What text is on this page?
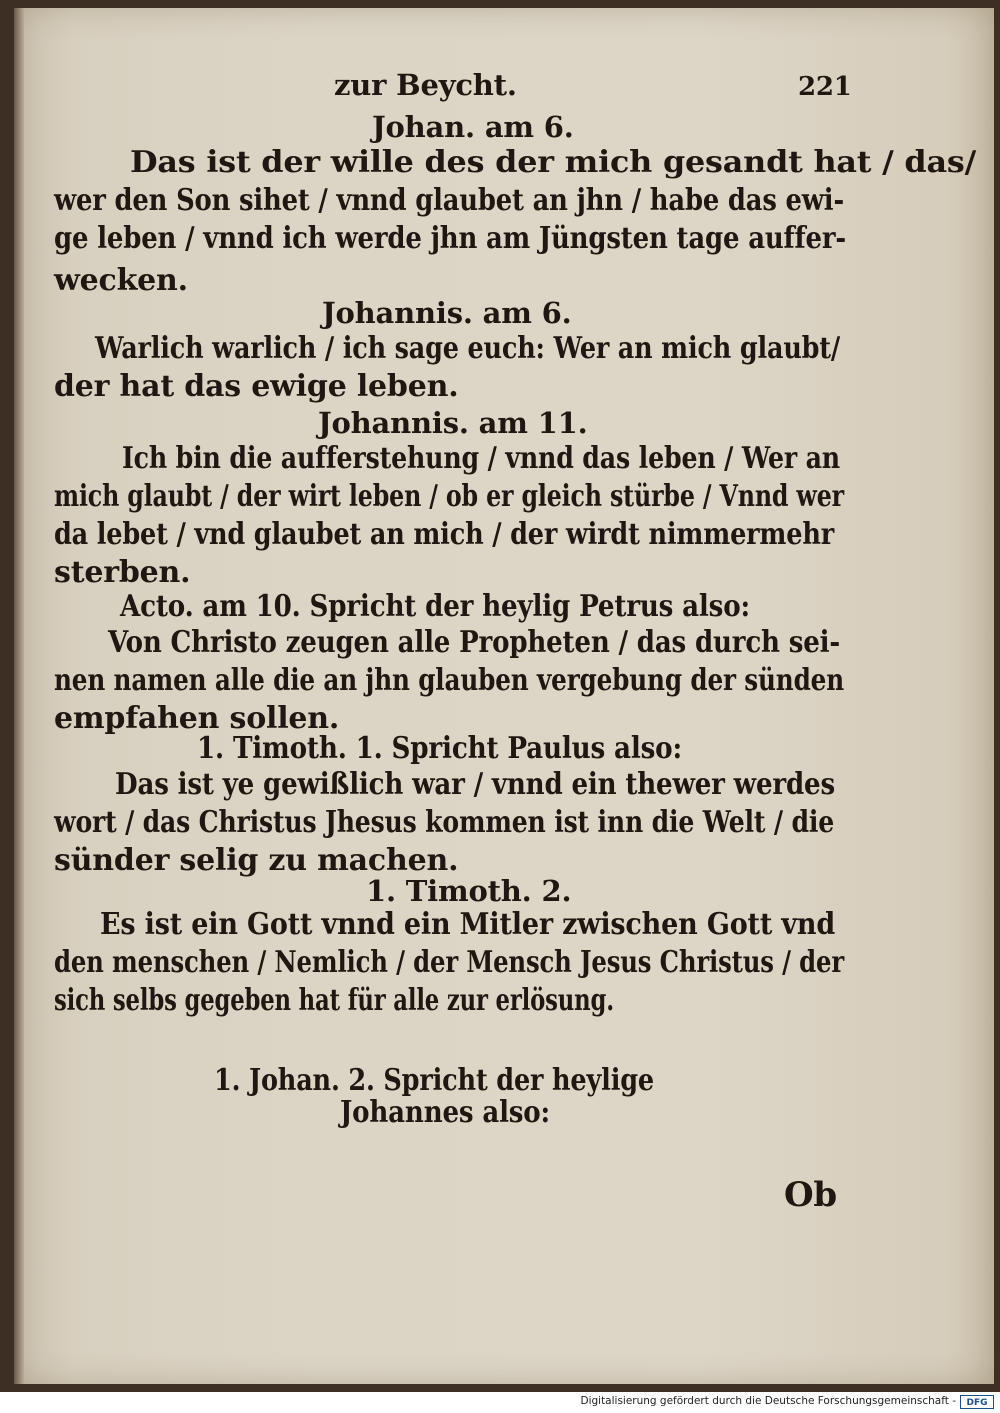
zur Beycht.	221
Johan. am 6.
Das ist der wille des der mich gesandt hat / das/
wer den Son sihet / vnnd glaubet an jhn / habe das ewi-
ge leben / vnnd ich werde jhn am Jüngsten tage auffer-
wecken.
Johannis. am 6.
Warlich warlich / ich sage euch: Wer an mich glaubt/
der hat das ewige leben.
Johannis. am 11.
Ich bin die aufferstehung / vnnd das leben / Wer an
mich glaubt / der wirt leben / ob er gleich stürbe / Vnnd wer
da lebet / vnd glaubet an mich / der wirdt nimmermehr
sterben.
Acto. am 10. Spricht der heylig Petrus also:
Von Christo zeugen alle Propheten / das durch sei-
nen namen alle die an jhn glauben vergebung der sünden
empfahen sollen.
1. Timoth. 1. Spricht Paulus also:
Das ist ye gewißlich war / vnnd ein thewer werdes
wort / das Christus Jhesus kommen ist inn die Welt / die
sünder selig zu machen.
1. Timoth. 2.
Es ist ein Gott vnnd ein Mitler zwischen Gott vnd
den menschen / Nemlich / der Mensch Jesus Christus / der
sich selbs gegeben hat für alle zur erlösung.
1. Johan. 2. Spricht der heylige
Johannes also:
Ob
Digitalisierung gefördert durch die Deutsche Forschungsgemeinschaft -	DFG
